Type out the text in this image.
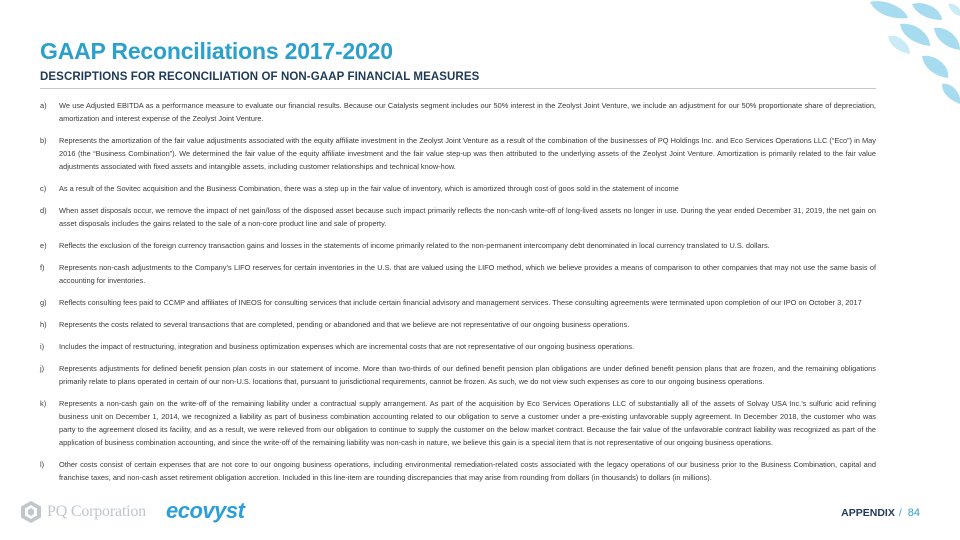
GAAP Reconciliations 2017-2020
DESCRIPTIONS FOR RECONCILIATION OF NON-GAAP FINANCIAL MEASURES
a)	We use Adjusted EBITDA as a performance measure to evaluate our financial results. Because our Catalysts segment includes our 50% interest in the Zeolyst Joint Venture, we include an adjustment for our 50% proportionate share of depreciation, amortization and interest expense of the Zeolyst Joint Venture.
b)	Represents the amortization of the fair value adjustments associated with the equity affiliate investment in the Zeolyst Joint Venture as a result of the combination of the businesses of PQ Holdings Inc. and Eco Services Operations LLC (“Eco”) in May 2016 (the “Business Combination”). We determined the fair value of the equity affiliate investment and the fair value step-up was then attributed to the underlying assets of the Zeolyst Joint Venture. Amortization is primarily related to the fair value adjustments associated with fixed assets and intangible assets, including customer relationships and technical know-how.
c)	As a result of the Sovitec acquisition and the Business Combination, there was a step up in the fair value of inventory, which is amortized through cost of goos sold in the statement of income
d)	When asset disposals occur, we remove the impact of net gain/loss of the disposed asset because such impact primarily reflects the non-cash write-off of long-lived assets no longer in use. During the year ended December 31, 2019, the net gain on asset disposals includes the gains related to the sale of a non-core product line and sale of property.
e)	Reflects the exclusion of the foreign currency transaction gains and losses in the statements of income primarily related to the non-permanent intercompany debt denominated in local currency translated to U.S. dollars.
f)	Represents non-cash adjustments to the Company’s LIFO reserves for certain inventories in the U.S. that are valued using the LIFO method, which we believe provides a means of comparison to other companies that may not use the same basis of accounting for inventories.
g)	Reflects consulting fees paid to CCMP and affiliates of INEOS for consulting services that include certain financial advisory and management services. These consulting agreements were terminated upon completion of our IPO on October 3, 2017
h)	Represents the costs related to several transactions that are completed, pending or abandoned and that we believe are not representative of our ongoing business operations.
i)	Includes the impact of restructuring, integration and business optimization expenses which are incremental costs that are not representative of our ongoing business operations.
j)	Represents adjustments for defined benefit pension plan costs in our statement of income. More than two-thirds of our defined benefit pension plan obligations are under defined benefit pension plans that are frozen, and the remaining obligations primarily relate to plans operated in certain of our non-U.S. locations that, pursuant to jurisdictional requirements, cannot be frozen. As such, we do not view such expenses as core to our ongoing business operations.
k)	Represents a non-cash gain on the write-off of the remaining liability under a contractual supply arrangement. As part of the acquisition by Eco Services Operations LLC of substantially all of the assets of Solvay USA Inc.’s sulfuric acid refining business unit on December 1, 2014, we recognized a liability as part of business combination accounting related to our obligation to serve a customer under a pre-existing unfavorable supply agreement. In December 2018, the customer who was party to the agreement closed its facility, and as a result, we were relieved from our obligation to continue to supply the customer on the below market contract. Because the fair value of the unfavorable contract liability was recognized as part of the application of business combination accounting, and since the write-off of the remaining liability was non-cash in nature, we believe this gain is a special item that is not representative of our ongoing business operations.
l)	Other costs consist of certain expenses that are not core to our ongoing business operations, including environmental remediation-related costs associated with the legacy operations of our business prior to the Business Combination, capital and franchise taxes, and non-cash asset retirement obligation accretion. Included in this line-item are rounding discrepancies that may arise from rounding from dollars (in thousands) to dollars (in millions).
PQ Corporation ecovyst	APPENDIX / 84
